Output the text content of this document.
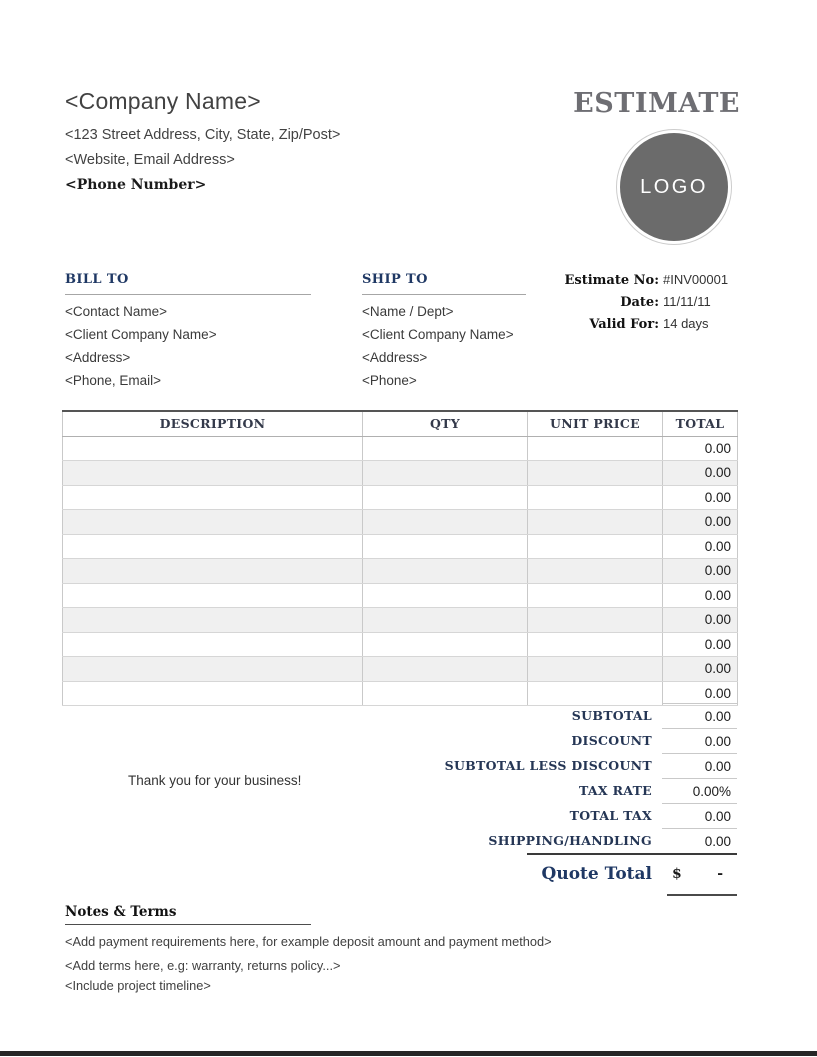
<Company Name>
<123 Street Address, City, State, Zip/Post>
<Website, Email Address>
<Phone Number>
ESTIMATE
LOGO
BILL TO
<Contact Name>
<Client Company Name>
<Address>
<Phone, Email>
SHIP TO
<Name / Dept>
<Client Company Name>
<Address>
<Phone>
Estimate No: #INV00001
Date: 11/11/11
Valid For: 14 days
DESCRIPTION	QTY	UNIT PRICE	TOTAL
			0.00
			0.00
			0.00
			0.00
			0.00
			0.00
			0.00
			0.00
			0.00
			0.00
			0.00
SUBTOTAL	0.00
DISCOUNT	0.00
SUBTOTAL LESS DISCOUNT	0.00
TAX RATE	0.00%
TOTAL TAX	0.00
SHIPPING/HANDLING	0.00
Thank you for your business!
Quote Total	$	-
Notes & Terms
<Add payment requirements here, for example deposit amount and payment method>
<Add terms here, e.g: warranty, returns policy...>
<Include project timeline>
